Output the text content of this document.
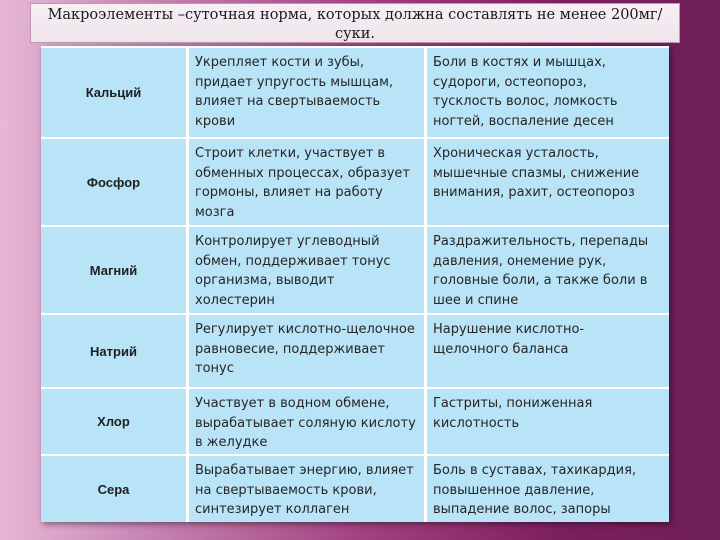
Макроэлементы –суточная норма, которых должна составлять не менее 200мг/суки.
Кальций
Укрепляет кости и зубы,
придает упругость мышцам,
влияет на свертываемость
крови
Боли в костях и мышцах,
судороги, остеопороз,
тусклость волос, ломкость
ногтей, воспаление десен
Фосфор
Строит клетки, участвует в
обменных процессах, образует
гормоны, влияет на работу
мозга
Хроническая усталость,
мышечные спазмы, снижение
внимания, рахит, остеопороз
Магний
Контролирует углеводный
обмен, поддерживает тонус
организма, выводит холестерин
Раздражительность, перепады
давления, онемение рук,
головные боли, а также боли в
шее и спине
Натрий
Регулирует кислотно-щелочное
равновесие, поддерживает
тонус
Нарушение кислотно-
щелочного баланса
Хлор
Участвует в водном обмене,
вырабатывает соляную кислоту
в желудке
Гастриты, пониженная
кислотность
Сера
Вырабатывает энергию, влияет
на свертываемость крови,
синтезирует коллаген
Боль в суставах, тахикардия,
повышенное давление,
выпадение волос, запоры
